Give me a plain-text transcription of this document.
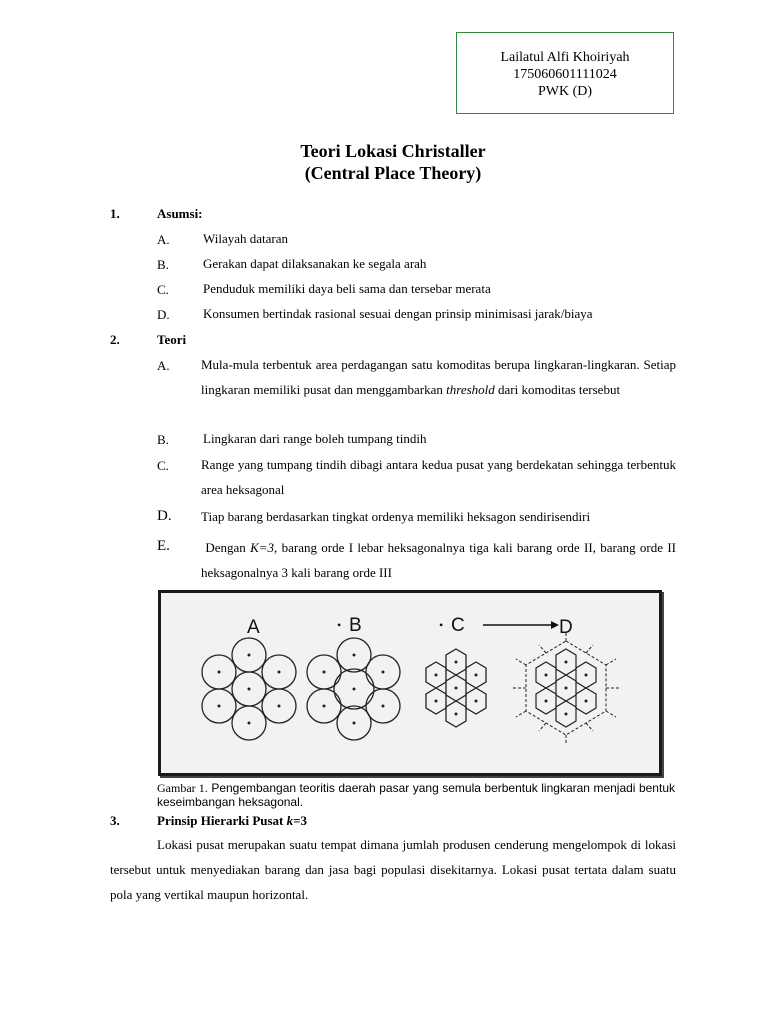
Lailatul Alfi Khoiriyah
175060601111024
PWK (D)
Teori Lokasi Christaller
(Central Place Theory)
1.	Asumsi:
A.	Wilayah dataran
B.	Gerakan dapat dilaksanakan ke segala arah
C.	Penduduk memiliki daya beli sama dan tersebar merata
D.	Konsumen bertindak rasional sesuai dengan prinsip minimisasi jarak/biaya
2.	Teori
A. Mula-mula terbentuk area perdagangan satu komoditas berupa lingkaran-lingkaran. Setiap lingkaran memiliki pusat dan menggambarkan threshold dari komoditas tersebut
B.	Lingkaran dari range boleh tumpang tindih
C. Range yang tumpang tindih dibagi antara kedua pusat yang berdekatan sehingga terbentuk area heksagonal
D. Tiap barang berdasarkan tingkat ordenya memiliki heksagon sendirisendiri
E.	Dengan K=3, barang orde I lebar heksagonalnya tiga kali barang orde II, barang orde II heksagonalnya 3 kali barang orde III
A	• B	• C	D
Gambar 1. Pengembangan teoritis daerah pasar yang semula berbentuk lingkaran menjadi bentuk keseimbangan heksagonal.
3.	Prinsip Hierarki Pusat k=3
Lokasi pusat merupakan suatu tempat dimana jumlah produsen cenderung mengelompok di lokasi tersebut untuk menyediakan barang dan jasa bagi populasi disekitarnya. Lokasi pusat tertata dalam suatu pola yang vertikal maupun horizontal.
